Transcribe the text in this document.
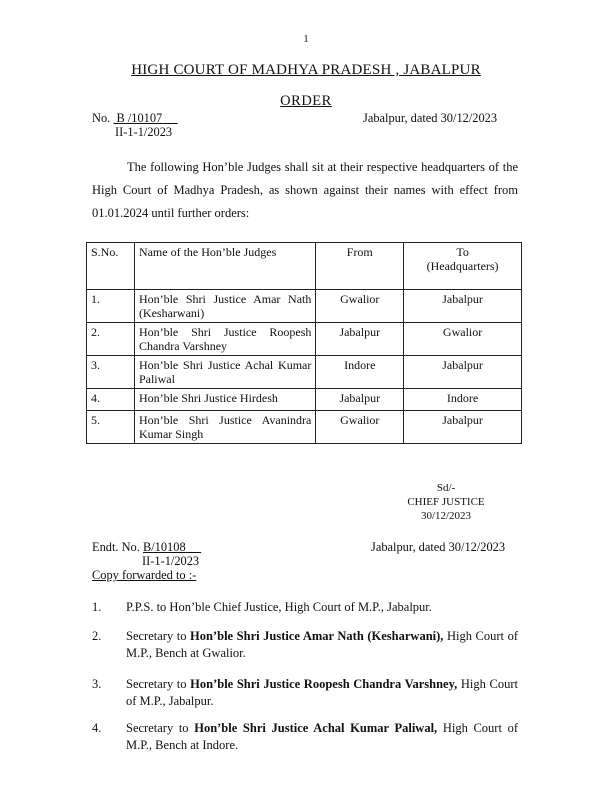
1
HIGH COURT OF MADHYA PRADESH , JABALPUR
ORDER
No. B /10107
II-1-1/2023
Jabalpur, dated 30/12/2023
The following Hon’ble Judges shall sit at their respective headquarters of the High Court of Madhya Pradesh, as shown against their names with effect from 01.01.2024 until further orders:
S.No.	Name of the Hon’ble Judges	From	To
(Headquarters)
1.	Hon’ble Shri Justice Amar Nath (Kesharwani)	Gwalior	Jabalpur
2.	Hon’ble Shri Justice Roopesh Chandra Varshney	Jabalpur	Gwalior
3.	Hon’ble Shri Justice Achal Kumar Paliwal	Indore	Jabalpur
4.	Hon’ble Shri Justice Hirdesh	Jabalpur	Indore
5.	Hon’ble Shri Justice Avanindra Kumar Singh	Gwalior	Jabalpur
Sd/-
CHIEF JUSTICE
30/12/2023
Endt. No. B/10108
II-1-1/2023
Jabalpur, dated 30/12/2023
Copy forwarded to :-
1. P.P.S. to Hon’ble Chief Justice, High Court of M.P., Jabalpur.
2. Secretary to Hon’ble Shri Justice Amar Nath (Kesharwani), High Court of M.P., Bench at Gwalior.
3. Secretary to Hon’ble Shri Justice Roopesh Chandra Varshney, High Court of M.P., Jabalpur.
4. Secretary to Hon’ble Shri Justice Achal Kumar Paliwal, High Court of M.P., Bench at Indore.
